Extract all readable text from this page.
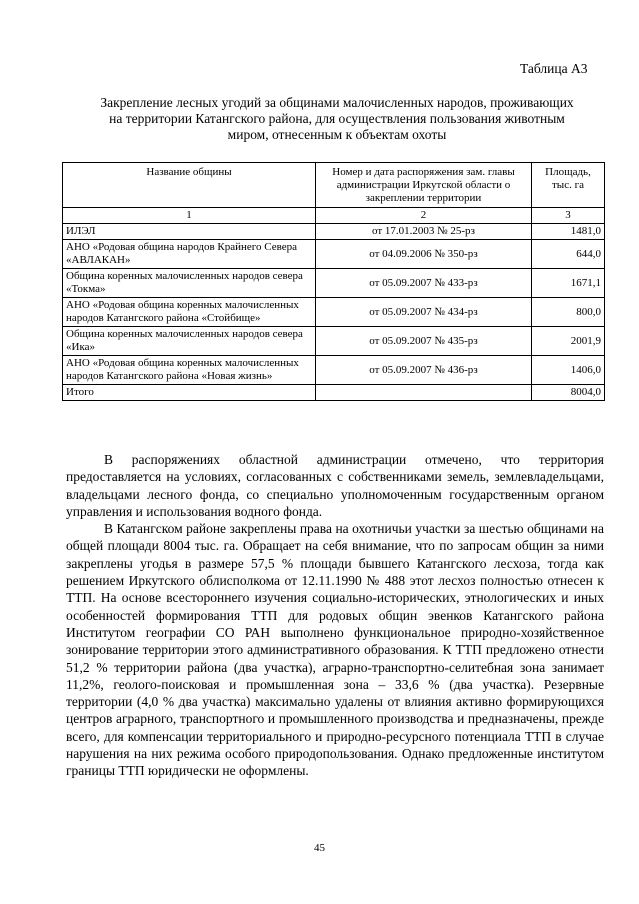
Таблица А3
Закрепление лесных угодий за общинами малочисленных народов, проживающих
на территории Катангского района, для осуществления пользования животным
миром, отнесенным к объектам охоты
Название общины	Номер и дата распоряжения зам. главы администрации Иркутской области о закреплении территории	Площадь, тыс. га
1	2	3
ИЛЭЛ	от 17.01.2003 № 25-рз	1481,0
АНО «Родовая община народов Крайнего Севера «АВЛАКАН»	от 04.09.2006 № 350-рз	644,0
Община коренных малочисленных народов севера «Токма»	от 05.09.2007 № 433-рз	1671,1
АНО «Родовая община коренных малочисленных народов Катангского района «Стойбище»	от 05.09.2007 № 434-рз	800,0
Община коренных малочисленных народов севера «Ика»	от 05.09.2007 № 435-рз	2001,9
АНО «Родовая община коренных малочисленных народов Катангского района «Новая жизнь»	от 05.09.2007 № 436-рз	1406,0
Итого		8004,0

В распоряжениях областной администрации отмечено, что территория предоставляется на условиях, согласованных с собственниками земель, землевладельцами, владельцами лесного фонда, со специально уполномоченным государственным органом управления и использования водного фонда.

В Катангском районе закреплены права на охотничьи участки за шестью общинами на общей площади 8004 тыс. га. Обращает на себя внимание, что по запросам общин за ними закреплены угодья в размере 57,5 % площади бывшего Катангского лесхоза, тогда как решением Иркутского облисполкома от 12.11.1990 № 488 этот лесхоз полностью отнесен к ТТП. На основе всестороннего изучения социально-исторических, этнологических и иных особенностей формирования ТТП для родовых общин эвенков Катангского района Институтом географии СО РАН выполнено функциональное природно-хозяйственное зонирование территории этого административного образования. К ТТП предложено отнести 51,2 % территории района (два участка), аграрно-транспортно-селитебная зона занимает 11,2%, геолого-поисковая и промышленная зона – 33,6 % (два участка). Резервные территории (4,0 % два участка) максимально удалены от влияния активно формирующихся центров аграрного, транспортного и промышленного производства и предназначены, прежде всего, для компенсации территориального и природно-ресурсного потенциала ТТП в случае нарушения на них режима особого природопользования. Однако предложенные институтом границы ТТП юридически не оформлены.

45
